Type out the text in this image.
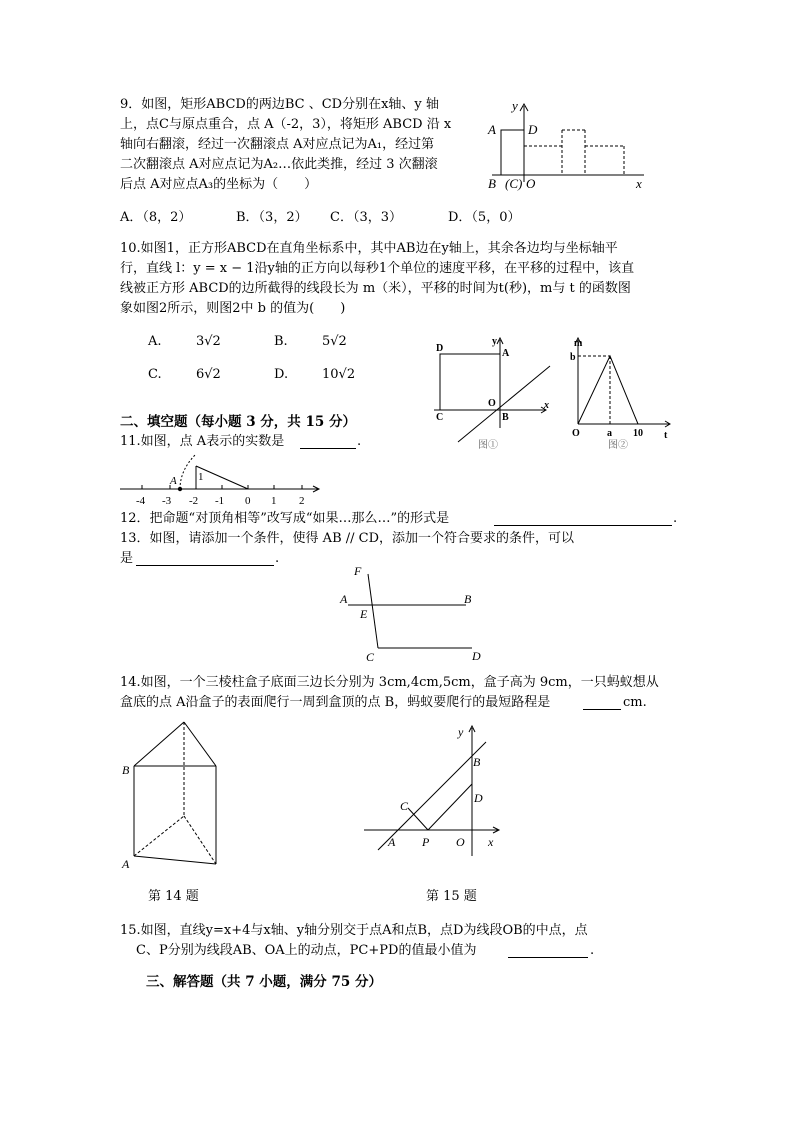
9．如图，矩形ABCD的两边BC 、CD分别在x轴、y 轴
上，点C与原点重合，点 A（-2，3），将矩形 ABCD 沿 x
轴向右翻滚，经过一次翻滚点 A对应点记为A₁，经过第
二次翻滚点 A对应点记为A₂…依此类推，经过 3 次翻滚
后点 A对应点A₃的坐标为（　　）
y
A D
B (C) O	x
A．（8，2）	B．（3，2） C．（3，3）	D．（5，0）
10.如图1，正方形ABCD在直角坐标系中，其中AB边在y轴上，其余各边均与坐标轴平
行，直线 l：y = x − 1沿y轴的正方向以每秒1个单位的速度平移，在平移的过程中，该直
线被正方形 ABCD的边所截得的线段长为 m（米），平移的时间为t(秒)，m与 t 的函数图
象如图2所示，则图2中 b 的值为(　　)
A.	3√2	B.	5√2
C.	6√2	D.	10√2
D	A
y
O
C	B
x
图①
m
b
O	a 10 t
图②
二、填空题（每小题 3 分，共 15 分）
11.如图，点 A表示的实数是	.
A 1
-4 -3 -2 -1 0 1 2
12．把命题“对顶角相等”改写成“如果…那么…”的形式是	.
13．如图，请添加一个条件，使得 AB // CD，添加一个符合要求的条件，可以
是	.
F
A
E
B
C	D
14.如图，一个三棱柱盒子底面三边长分别为 3cm,4cm,5cm，盒子高为 9cm，一只蚂蚁想从
盒底的点 A沿盒子的表面爬行一周到盒顶的点 B，蚂蚁要爬行的最短路程是	cm.
B
A
第 14 题
y
B
D
C
A P O x
第 15 题
15.如图，直线y=x+4与x轴、y轴分别交于点A和点B，点D为线段OB的中点，点
C、P分别为线段AB、OA上的动点，PC+PD的值最小值为	.
三、解答题（共 7 小题，满分 75 分）
